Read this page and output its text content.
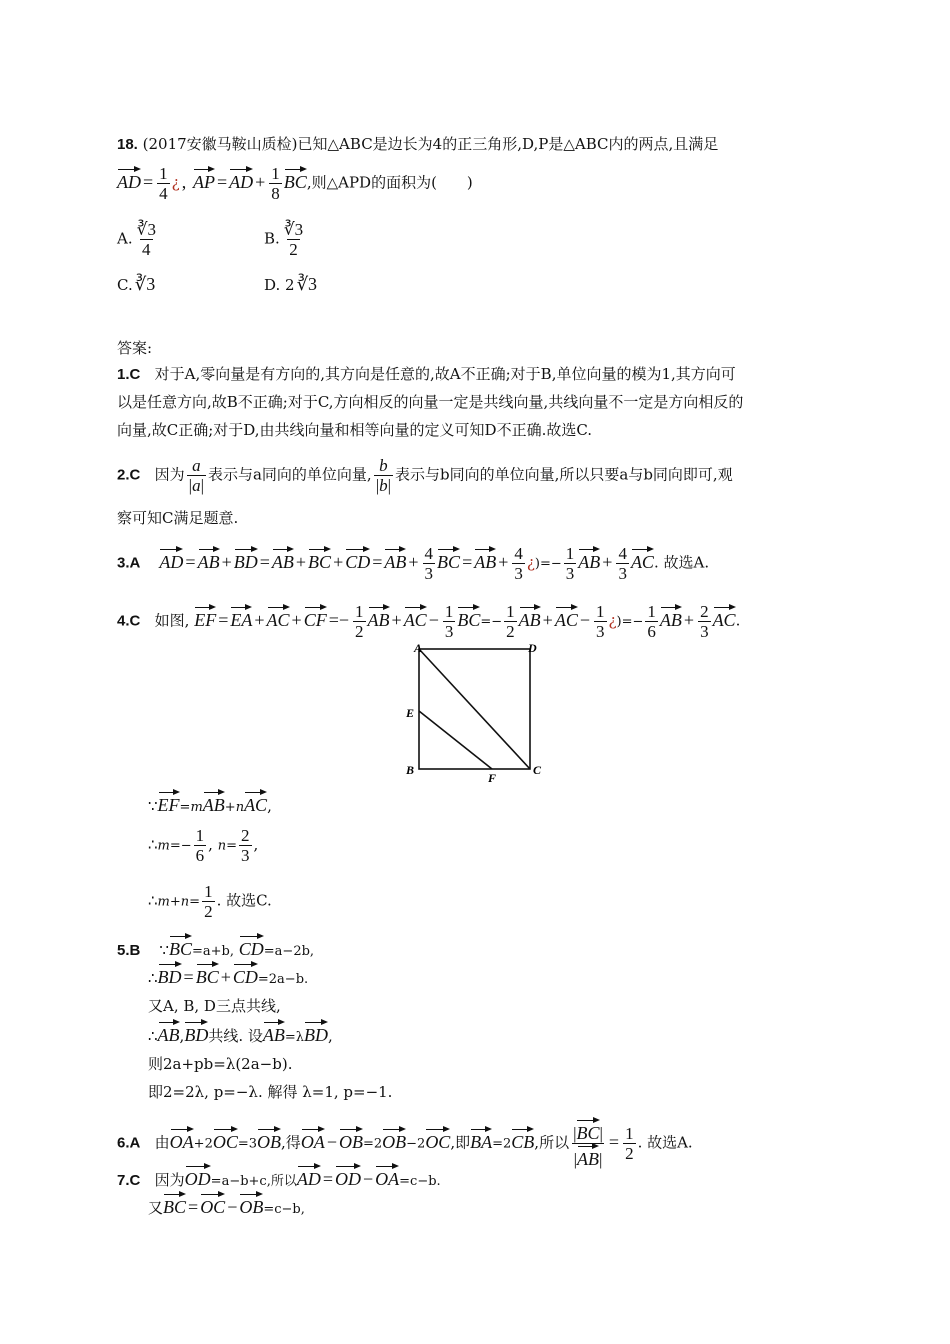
18. (2017安徽马鞍山质检)已知△ABC是边长为4的正三角形,D,P是△ABC内的两点,且满足
AD = $\frac{1}{4}$ ¿ , AP = AD + $\frac{1}{8}$ BC,则△APD的面积为(　　)
A. $\frac{∛3}{4}$	B. $\frac{∛3}{2}$
C. ∛3	D. 2 ∛3
答案:
1.C 对于A,零向量是有方向的,其方向是任意的,故A不正确;对于B,单位向量的模为1,其方向可
以是任意方向,故B不正确;对于C,方向相反的向量一定是共线向量,共线向量不一定是方向相反的
向量,故C正确;对于D,由共线向量和相等向量的定义可知D不正确.故选C.
2.C 因为 $\frac{a}{|a|}$ 表示与a同向的单位向量, $\frac{b}{|b|}$ 表示与b同向的单位向量,所以只要a与b同向即可,观
察可知C满足题意.
3.A AD = AB + BD = AB + BC + CD = AB + $\frac{4}{3}$ BC = AB + $\frac{4}{3}$ ¿)=− $\frac{1}{3}$ AB + $\frac{4}{3}$ AC. 故选A.
4.C 如图, EF = EA + AC + CF =− $\frac{1}{2}$ AB + AC − $\frac{1}{3} BC=- \frac{1}{2}$ AB + AC − $\frac{1}{3}$ ¿)=− $\frac{1}{6}$ AB + $\frac{2}{3}$ AC.
A	D
E
B
F
C
∵EF=mAB+nAC,
∴m=− $\frac{1}{6}$ , $n= \frac{2}{3}$ ,
∴m+n= $\frac{1}{2}$ . 故选C.
5.B ∵BC=a+b, CD=a−2b,
∴BD = BC + CD=2a−b.
又A, B, D三点共线,
∴AB,BD共线. 设AB=λBD,
则2a+pb=λ(2a−b).
即2=2λ, p=−λ. 解得 λ=1, p=−1.
6.A 由OA+2OC=3OB,得OA − OB=2OB−2OC,即BA=2CB,所以 $\frac{|BC|}{|AB|} = \frac{1}{2}$ . 故选A.
7.C 因为OD=a−b+c,所以AD = OD − OA=c−b.
又BC = OC − OB=c−b,
